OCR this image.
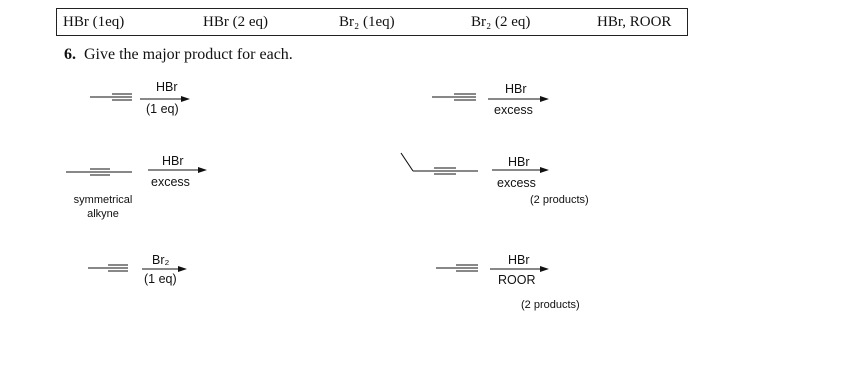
HBr (1eq)	HBr (2 eq)	Br₂ (1eq)	Br₂ (2 eq)	HBr, ROOR
6. Give the major product for each.
HBr
(1 eq)
HBr
excess
HBr
excess
symmetrical alkyne
HBr
excess
(2 products)
Br₂
(1 eq)
HBr
ROOR
(2 products)
